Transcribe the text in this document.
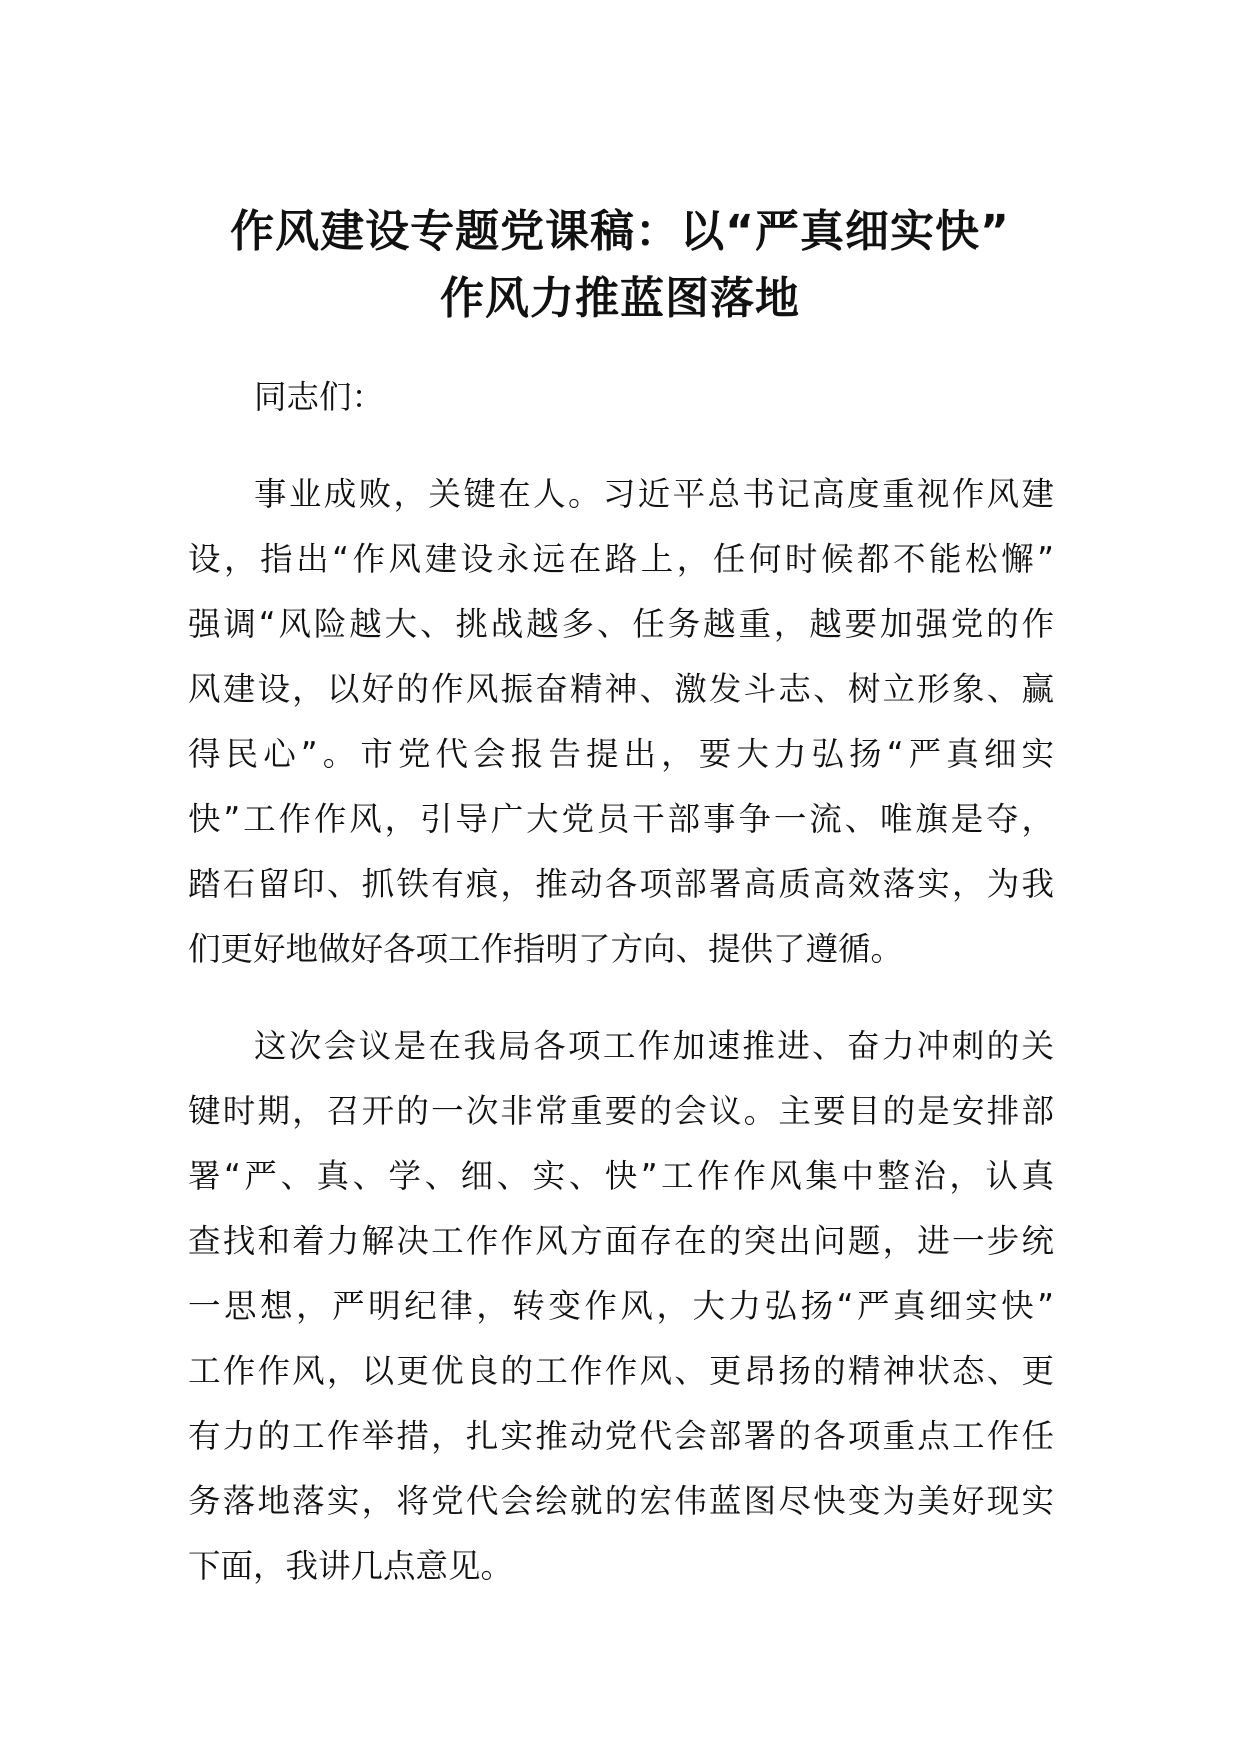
作风建设专题党课稿：以“严真细实快”
作风力推蓝图落地

同志们：

事业成败，关键在人。习近平总书记高度重视作风建
设，指出“作风建设永远在路上，任何时候都不能松懈”
强调“风险越大、挑战越多、任务越重，越要加强党的作
风建设，以好的作风振奋精神、激发斗志、树立形象、赢
得民心”。市党代会报告提出，要大力弘扬“严真细实
快”工作作风，引导广大党员干部事争一流、唯旗是夺，
踏石留印、抓铁有痕，推动各项部署高质高效落实，为我
们更好地做好各项工作指明了方向、提供了遵循。

这次会议是在我局各项工作加速推进、奋力冲刺的关
键时期，召开的一次非常重要的会议。主要目的是安排部
署“严、真、学、细、实、快”工作作风集中整治，认真
查找和着力解决工作作风方面存在的突出问题，进一步统
一思想，严明纪律，转变作风，大力弘扬“严真细实快”
工作作风，以更优良的工作作风、更昂扬的精神状态、更
有力的工作举措，扎实推动党代会部署的各项重点工作任
务落地落实，将党代会绘就的宏伟蓝图尽快变为美好现实
下面，我讲几点意见。
